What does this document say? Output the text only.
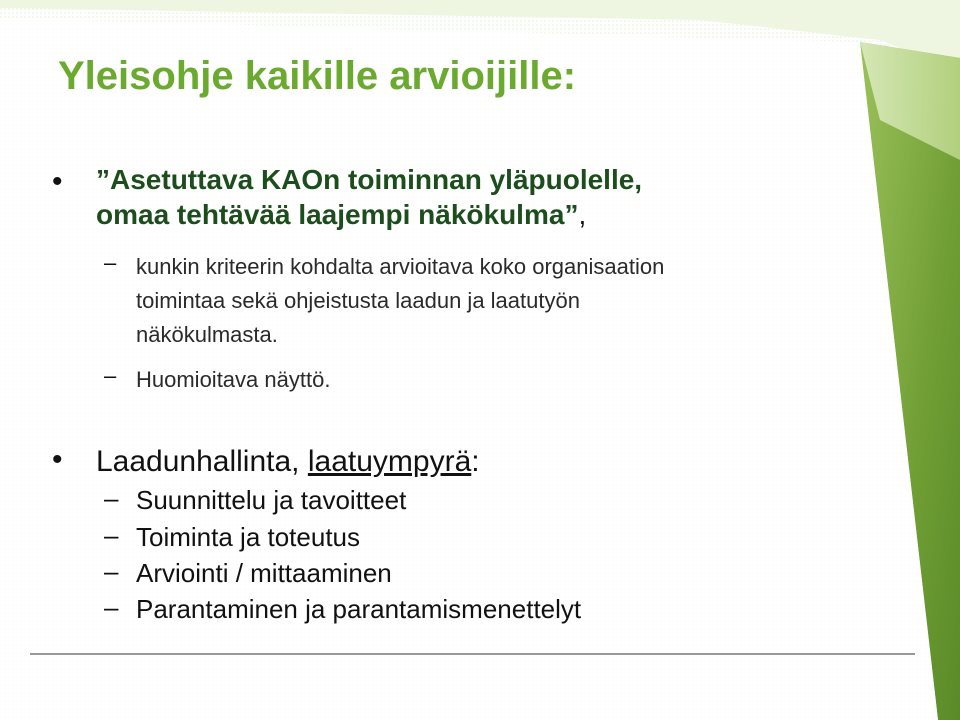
Yleisohje kaikille arvioijille:
• ”Asetuttava KAOn toiminnan yläpuolelle,
omaa tehtävää laajempi näkökulma”,
– kunkin kriteerin kohdalta arvioitava koko organisaation
toimintaa sekä ohjeistusta laadun ja laatutyön
näkökulmasta.
– Huomioitava näyttö.
• Laadunhallinta, laatuympyrä:
– Suunnittelu ja tavoitteet
– Toiminta ja toteutus
– Arviointi / mittaaminen
– Parantaminen ja parantamismenettelyt
